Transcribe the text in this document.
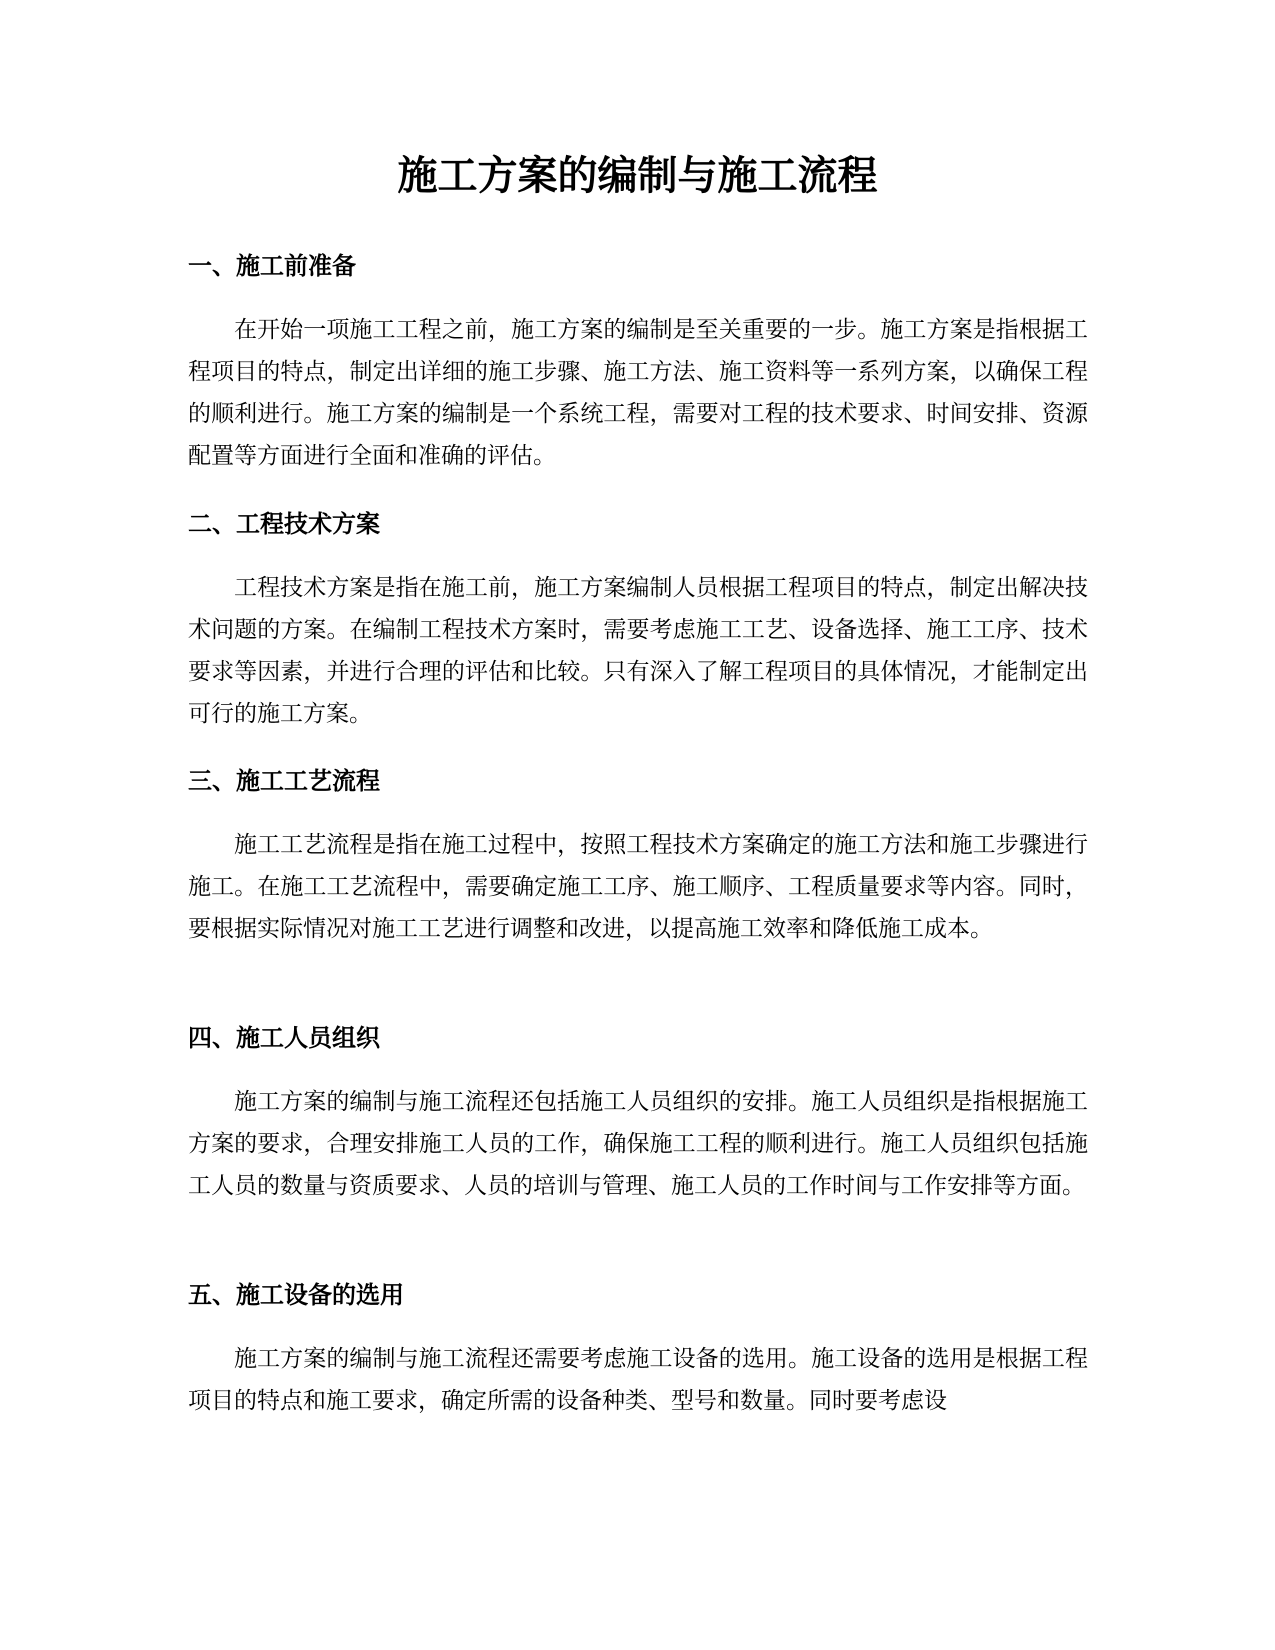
施工方案的编制与施工流程
一、施工前准备

在开始一项施工工程之前，施工方案的编制是至关重要的一步。施工方案是指根据工程项目的特点，制定出详细的施工步骤、施工方法、施工资料等一系列方案，以确保工程的顺利进行。施工方案的编制是一个系统工程，需要对工程的技术要求、时间安排、资源配置等方面进行全面和准确的评估。

二、工程技术方案

工程技术方案是指在施工前，施工方案编制人员根据工程项目的特点，制定出解决技术问题的方案。在编制工程技术方案时，需要考虑施工工艺、设备选择、施工工序、技术要求等因素，并进行合理的评估和比较。只有深入了解工程项目的具体情况，才能制定出可行的施工方案。

三、施工工艺流程

施工工艺流程是指在施工过程中，按照工程技术方案确定的施工方法和施工步骤进行施工。在施工工艺流程中，需要确定施工工序、施工顺序、工程质量要求等内容。同时，要根据实际情况对施工工艺进行调整和改进，以提高施工效率和降低施工成本。

四、施工人员组织

施工方案的编制与施工流程还包括施工人员组织的安排。施工人员组织是指根据施工方案的要求，合理安排施工人员的工作，确保施工工程的顺利进行。施工人员组织包括施工人员的数量与资质要求、人员的培训与管理、施工人员的工作时间与工作安排等方面。

五、施工设备的选用

施工方案的编制与施工流程还需要考虑施工设备的选用。施工设备的选用是根据工程项目的特点和施工要求，确定所需的设备种类、型号和数量。同时要考虑设
